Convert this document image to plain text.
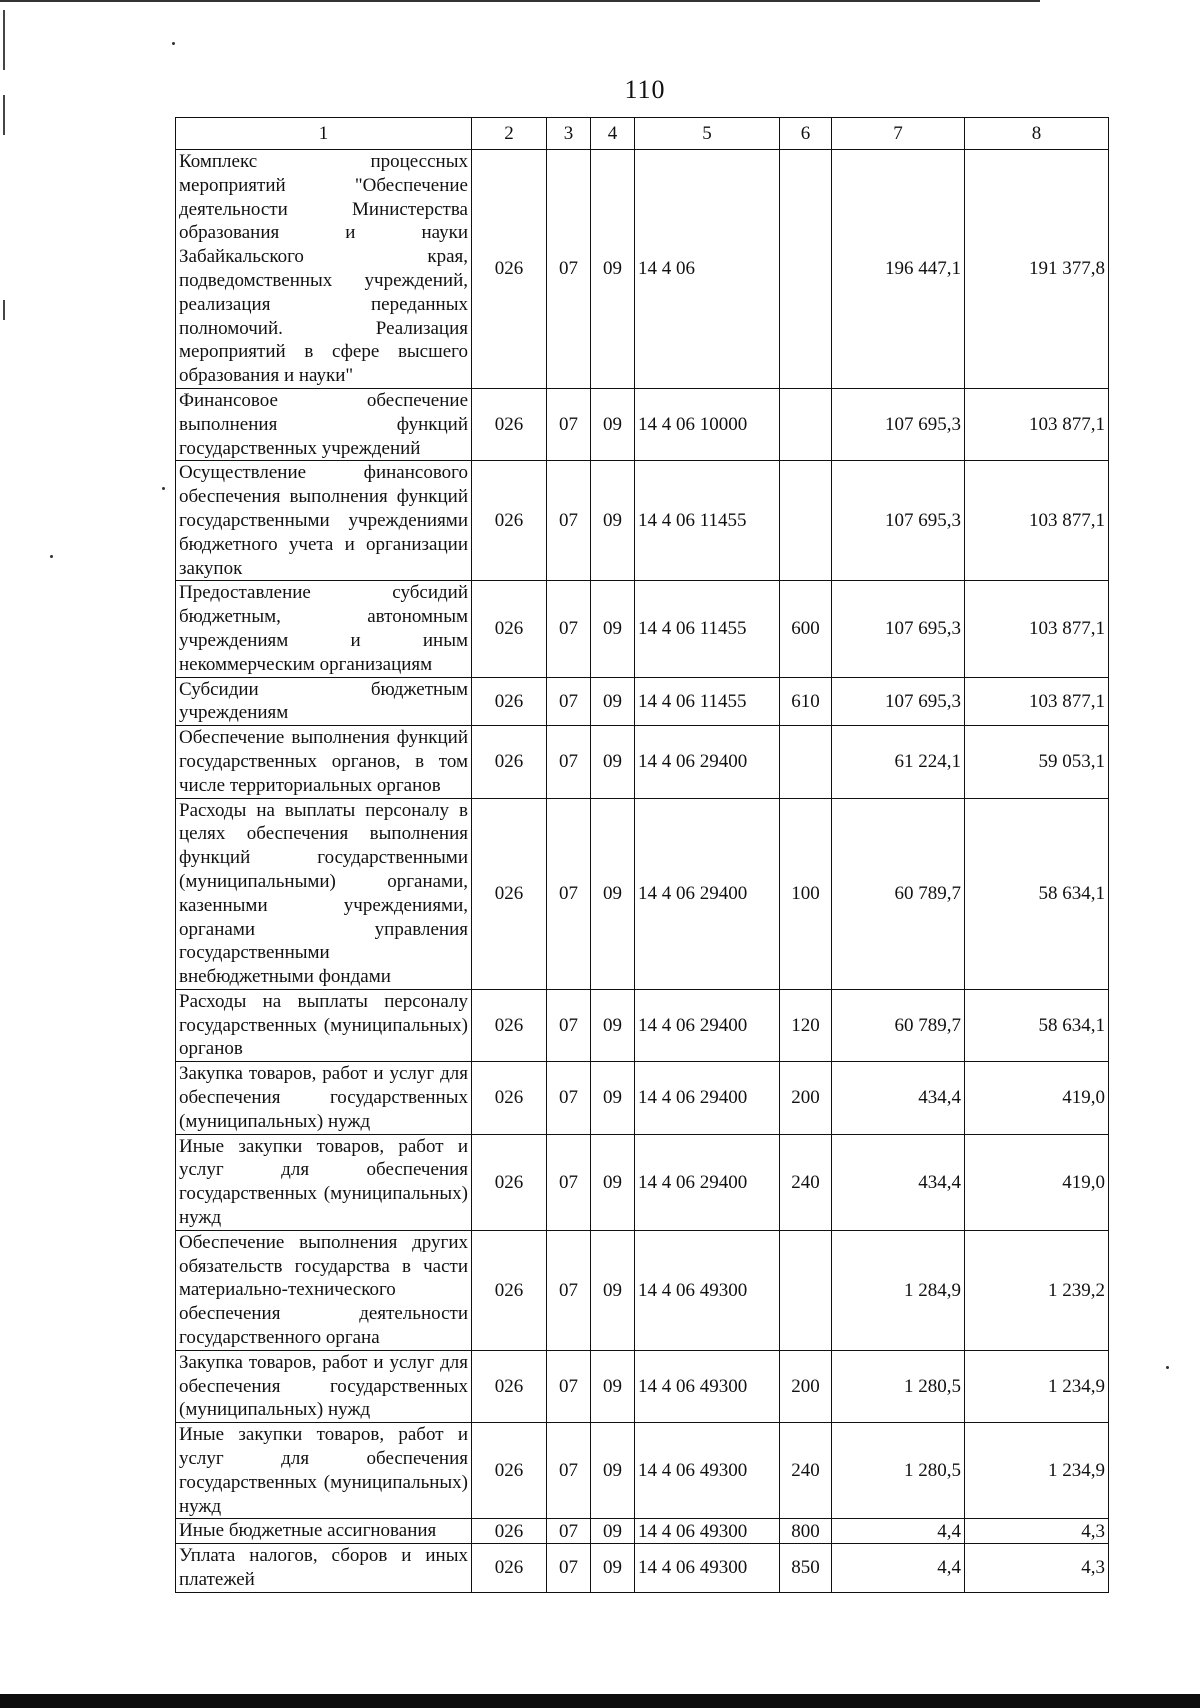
110
1	2	3	4	5	6	7	8
Комплекс процессных мероприятий "Обеспечение деятельности Министерства образования и науки Забайкальского края, подведомственных учреждений, реализация переданных полномочий. Реализация мероприятий в сфере высшего образования и науки"	026	07	09	14 4 06		196 447,1	191 377,8
Финансовое обеспечение выполнения функций государственных учреждений	026	07	09	14 4 06 10000		107 695,3	103 877,1
Осуществление финансового обеспечения выполнения функций государственными учреждениями бюджетного учета и организации закупок	026	07	09	14 4 06 11455		107 695,3	103 877,1
Предоставление субсидий бюджетным, автономным учреждениям и иным некоммерческим организациям	026	07	09	14 4 06 11455	600	107 695,3	103 877,1
Субсидии бюджетным учреждениям	026	07	09	14 4 06 11455	610	107 695,3	103 877,1
Обеспечение выполнения функций государственных органов, в том числе территориальных органов	026	07	09	14 4 06 29400		61 224,1	59 053,1
Расходы на выплаты персоналу в целях обеспечения выполнения функций государственными (муниципальными) органами, казенными учреждениями, органами управления государственными внебюджетными фондами	026	07	09	14 4 06 29400	100	60 789,7	58 634,1
Расходы на выплаты персоналу государственных (муниципальных) органов	026	07	09	14 4 06 29400	120	60 789,7	58 634,1
Закупка товаров, работ и услуг для обеспечения государственных (муниципальных) нужд	026	07	09	14 4 06 29400	200	434,4	419,0
Иные закупки товаров, работ и услуг для обеспечения государственных (муниципальных) нужд	026	07	09	14 4 06 29400	240	434,4	419,0
Обеспечение выполнения других обязательств государства в части материально-технического обеспечения деятельности государственного органа	026	07	09	14 4 06 49300		1 284,9	1 239,2
Закупка товаров, работ и услуг для обеспечения государственных (муниципальных) нужд	026	07	09	14 4 06 49300	200	1 280,5	1 234,9
Иные закупки товаров, работ и услуг для обеспечения государственных (муниципальных) нужд	026	07	09	14 4 06 49300	240	1 280,5	1 234,9
Иные бюджетные ассигнования	026	07	09	14 4 06 49300	800	4,4	4,3
Уплата налогов, сборов и иных платежей	026	07	09	14 4 06 49300	850	4,4	4,3
